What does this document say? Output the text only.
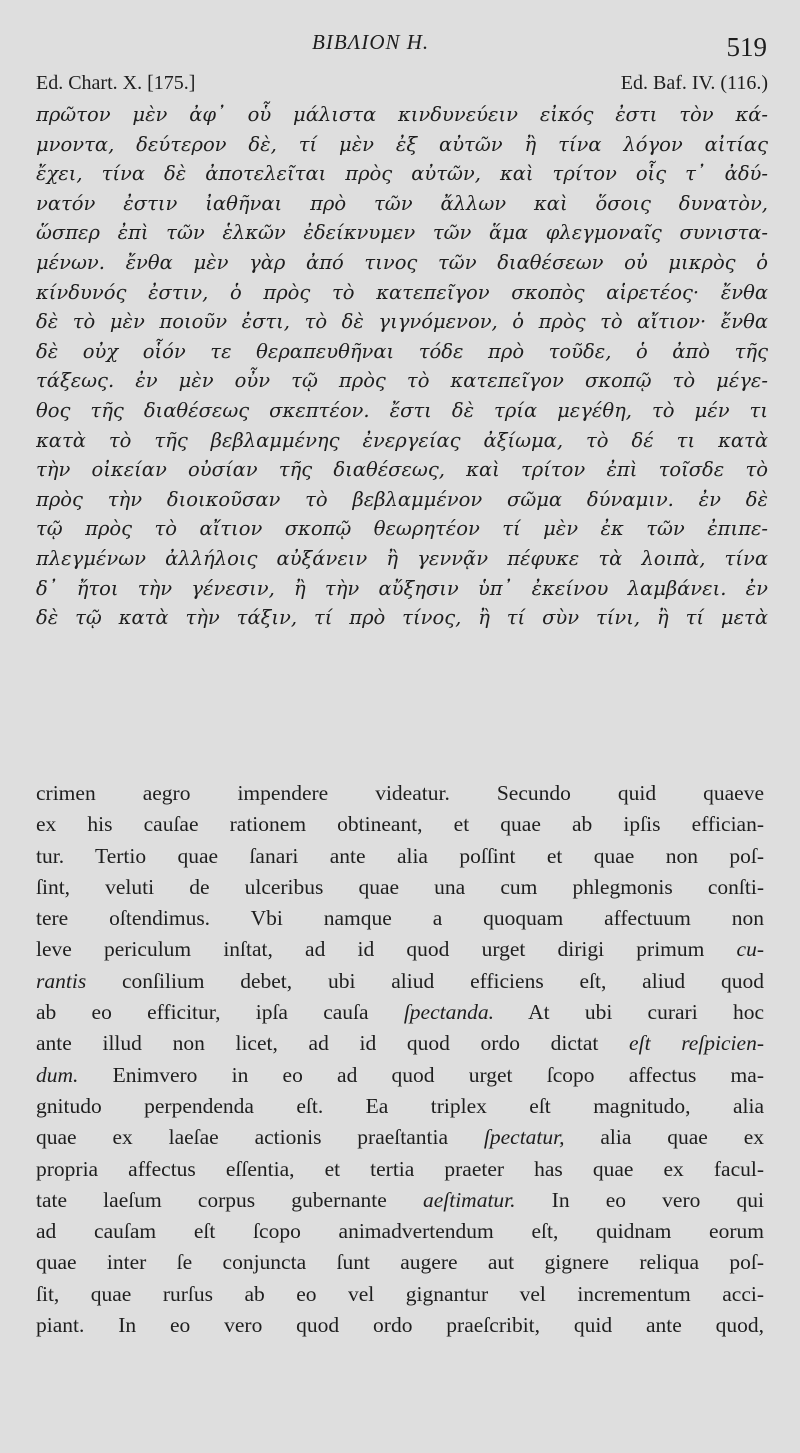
ΒΙΒΛΙΟΝ Η.	519
Ed. Chart. X. [175.]	Ed. Baf. IV. (116.)
πρῶτον μὲν ἀφ᾽ οὗ μάλιστα κινδυνεύειν εἰκός ἐστι τὸν κά-
μνοντα, δεύτερον δὲ, τί μὲν ἐξ αὐτῶν ἢ τίνα λόγον αἰτίας
ἔχει, τίνα δὲ ἀποτελεῖται πρὸς αὐτῶν, καὶ τρίτον οἷς τ᾽ ἀδύ-
νατόν ἐστιν ἰαθῆναι πρὸ τῶν ἄλλων καὶ ὅσοις δυνατὸν,
ὥσπερ ἐπὶ τῶν ἑλκῶν ἐδείκνυμεν τῶν ἅμα φλεγμοναῖς συνιστα-
μένων. ἔνθα μὲν γὰρ ἀπό τινος τῶν διαθέσεων οὐ μικρὸς ὁ
κίνδυνός ἐστιν, ὁ πρὸς τὸ κατεπεῖγον σκοπὸς αἱρετέος· ἔνθα
δὲ τὸ μὲν ποιοῦν ἐστι, τὸ δὲ γιγνόμενον, ὁ πρὸς τὸ αἴτιον· ἔνθα
δὲ οὐχ οἷόν τε θεραπευθῆναι τόδε πρὸ τοῦδε, ὁ ἀπὸ τῆς
τάξεως. ἐν μὲν οὖν τῷ πρὸς τὸ κατεπεῖγον σκοπῷ τὸ μέγε-
θος τῆς διαθέσεως σκεπτέον. ἔστι δὲ τρία μεγέθη, τὸ μέν τι
κατὰ τὸ τῆς βεβλαμμένης ἐνεργείας ἀξίωμα, τὸ δέ τι κατὰ
τὴν οἰκείαν οὐσίαν τῆς διαθέσεως, καὶ τρίτον ἐπὶ τοῖσδε τὸ
πρὸς τὴν διοικοῦσαν τὸ βεβλαμμένον σῶμα δύναμιν. ἐν δὲ
τῷ πρὸς τὸ αἴτιον σκοπῷ θεωρητέον τί μὲν ἐκ τῶν ἐπιπε-
πλεγμένων ἀλλήλοις αὐξάνειν ἢ γεννᾷν πέφυκε τὰ λοιπὰ, τίνα
δ᾽ ἤτοι τὴν γένεσιν, ἢ τὴν αὔξησιν ὑπ᾽ ἐκείνου λαμβάνει. ἐν
δὲ τῷ κατὰ τὴν τάξιν, τί πρὸ τίνος, ἢ τί σὺν τίνι, ἢ τί μετὰ
crimen aegro impendere videatur. Secundo quid quaeve
ex his cauſae rationem obtineant, et quae ab ipſis effician-
tur. Tertio quae ſanari ante alia poſſint et quae non poſ-
ſint, veluti de ulceribus quae una cum phlegmonis conſti-
tere oſtendimus. Vbi namque a quoquam affectuum non
leve periculum inſtat, ad id quod urget dirigi primum cu-
rantis conſilium debet, ubi aliud efficiens eſt, aliud quod
ab eo efficitur, ipſa cauſa ſpectanda. At ubi curari hoc
ante illud non licet, ad id quod ordo dictat eſt reſpicien-
dum. Enimvero in eo ad quod urget ſcopo affectus ma-
gnitudo perpendenda eſt. Ea triplex eſt magnitudo, alia
quae ex laeſae actionis praeſtantia ſpectatur, alia quae ex
propria affectus eſſentia, et tertia praeter has quae ex facul-
tate laeſum corpus gubernante aeſtimatur. In eo vero qui
ad cauſam eſt ſcopo animadvertendum eſt, quidnam eorum
quae inter ſe conjuncta ſunt augere aut gignere reliqua poſ-
ſit, quae rurſus ab eo vel gignantur vel incrementum acci-
piant. In eo vero quod ordo praeſcribit, quid ante quod,
